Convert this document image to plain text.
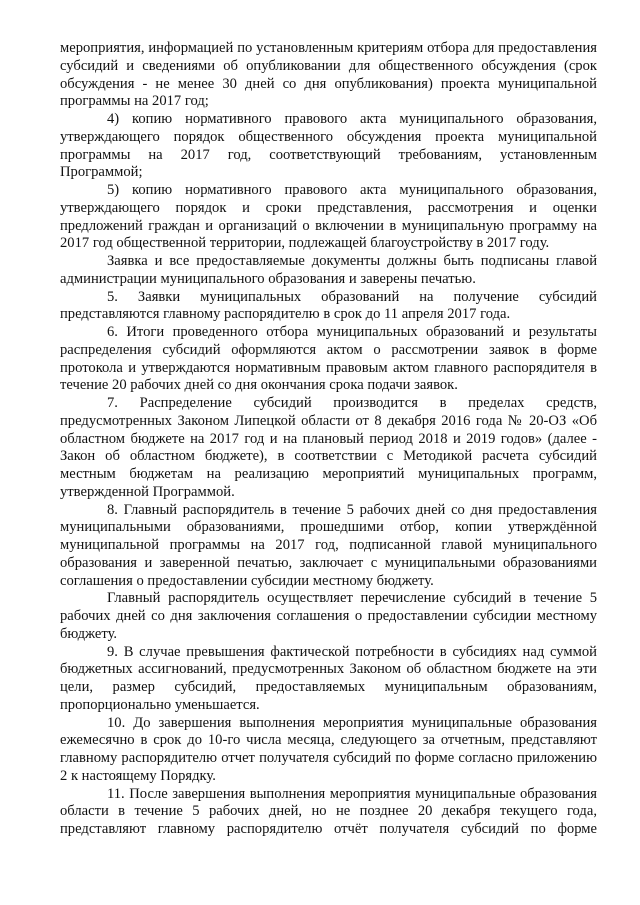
мероприятия, информацией по установленным критериям отбора для предоставления субсидий и сведениями об опубликовании для общественного обсуждения (срок обсуждения - не менее 30 дней со дня опубликования) проекта муниципальной программы на 2017 год;

4) копию нормативного правового акта муниципального образования, утверждающего порядок общественного обсуждения проекта муниципальной программы на 2017 год, соответствующий требованиям, установленным Программой;

5) копию нормативного правового акта муниципального образования, утверждающего порядок и сроки представления, рассмотрения и оценки предложений граждан и организаций о включении в муниципальную программу на 2017 год общественной территории, подлежащей благоустройству в 2017 году.

Заявка и все предоставляемые документы должны быть подписаны главой администрации муниципального образования и заверены печатью.

5. Заявки муниципальных образований на получение субсидий представляются главному распорядителю в срок до 11 апреля 2017 года.

6. Итоги проведенного отбора муниципальных образований и результаты распределения субсидий оформляются актом о рассмотрении заявок в форме протокола и утверждаются нормативным правовым актом главного распорядителя в течение 20 рабочих дней со дня окончания срока подачи заявок.

7. Распределение субсидий производится в пределах средств, предусмотренных Законом Липецкой области от 8 декабря 2016 года № 20-ОЗ «Об областном бюджете на 2017 год и на плановый период 2018 и 2019 годов» (далее - Закон об областном бюджете), в соответствии с Методикой расчета субсидий местным бюджетам на реализацию мероприятий муниципальных программ, утвержденной Программой.

8. Главный распорядитель в течение 5 рабочих дней со дня предоставления муниципальными образованиями, прошедшими отбор, копии утверждённой муниципальной программы на 2017 год, подписанной главой муниципального образования и заверенной печатью, заключает с муниципальными образованиями соглашения о предоставлении субсидии местному бюджету.

Главный распорядитель осуществляет перечисление субсидий в течение 5 рабочих дней со дня заключения соглашения о предоставлении субсидии местному бюджету.

9. В случае превышения фактической потребности в субсидиях над суммой бюджетных ассигнований, предусмотренных Законом об областном бюджете на эти цели, размер субсидий, предоставляемых муниципальным образованиям, пропорционально уменьшается.

10. До завершения выполнения мероприятия муниципальные образования ежемесячно в срок до 10-го числа месяца, следующего за отчетным, представляют главному распорядителю отчет получателя субсидий по форме согласно приложению 2 к настоящему Порядку.

11. После завершения выполнения мероприятия муниципальные образования области в течение 5 рабочих дней, но не позднее 20 декабря текущего года, представляют главному распорядителю отчёт получателя субсидий по форме
